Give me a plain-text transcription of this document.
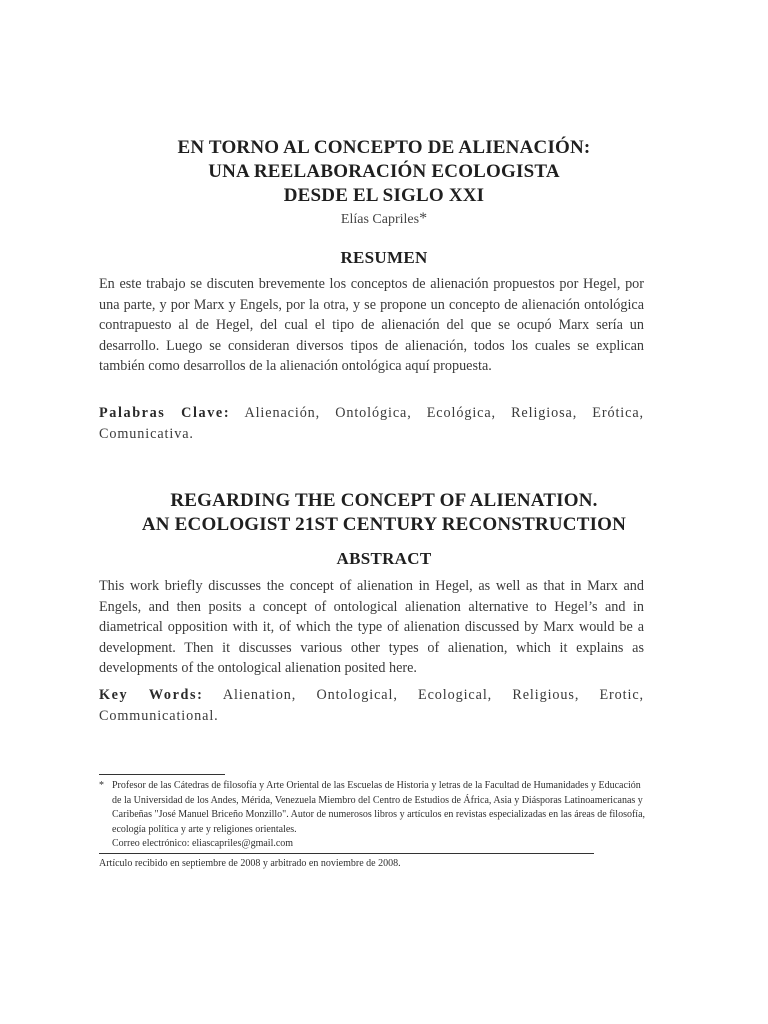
EN TORNO AL CONCEPTO DE ALIENACIÓN:
UNA REELABORACIÓN ECOLOGISTA
DESDE EL SIGLO XXI
Elías Capriles*
RESUMEN
En este trabajo se discuten brevemente los conceptos de alienación propuestos por Hegel, por una parte, y por Marx y Engels, por la otra, y se propone un concepto de alienación ontológica contrapuesto al de Hegel, del cual el tipo de alienación del que se ocupó Marx sería un desarrollo. Luego se consideran diversos tipos de alienación, todos los cuales se explican también como desarrollos de la alienación ontológica aquí propuesta.
Palabras Clave: Alienación, Ontológica, Ecológica, Religiosa, Erótica, Comunicativa.
REGARDING THE CONCEPT OF ALIENATION.
AN ECOLOGIST 21ST CENTURY RECONSTRUCTION
ABSTRACT
This work briefly discusses the concept of alienation in Hegel, as well as that in Marx and Engels, and then posits a concept of ontological alienation alternative to Hegel’s and in diametrical opposition with it, of which the type of alienation discussed by Marx would be a development. Then it discusses various other types of alienation, which it explains as developments of the ontological alienation posited here.
Key Words: Alienation, Ontological, Ecological, Religious, Erotic, Communicational.
* Profesor de las Cátedras de filosofía y Arte Oriental de las Escuelas de Historia y letras de la Facultad de Humanidades y Educación de la Universidad de los Andes, Mérida, Venezuela Miembro del Centro de Estudios de África, Asia y Diásporas Latinoamericanas y Caribeñas "José Manuel Briceño Monzillo". Autor de numerosos libros y artículos en revistas especializadas en las áreas de filosofía, ecología política y arte y religiones orientales.
Correo electrónico: eliascapriles@gmail.com
Artículo recibido en septiembre de 2008 y arbitrado en noviembre de 2008.
